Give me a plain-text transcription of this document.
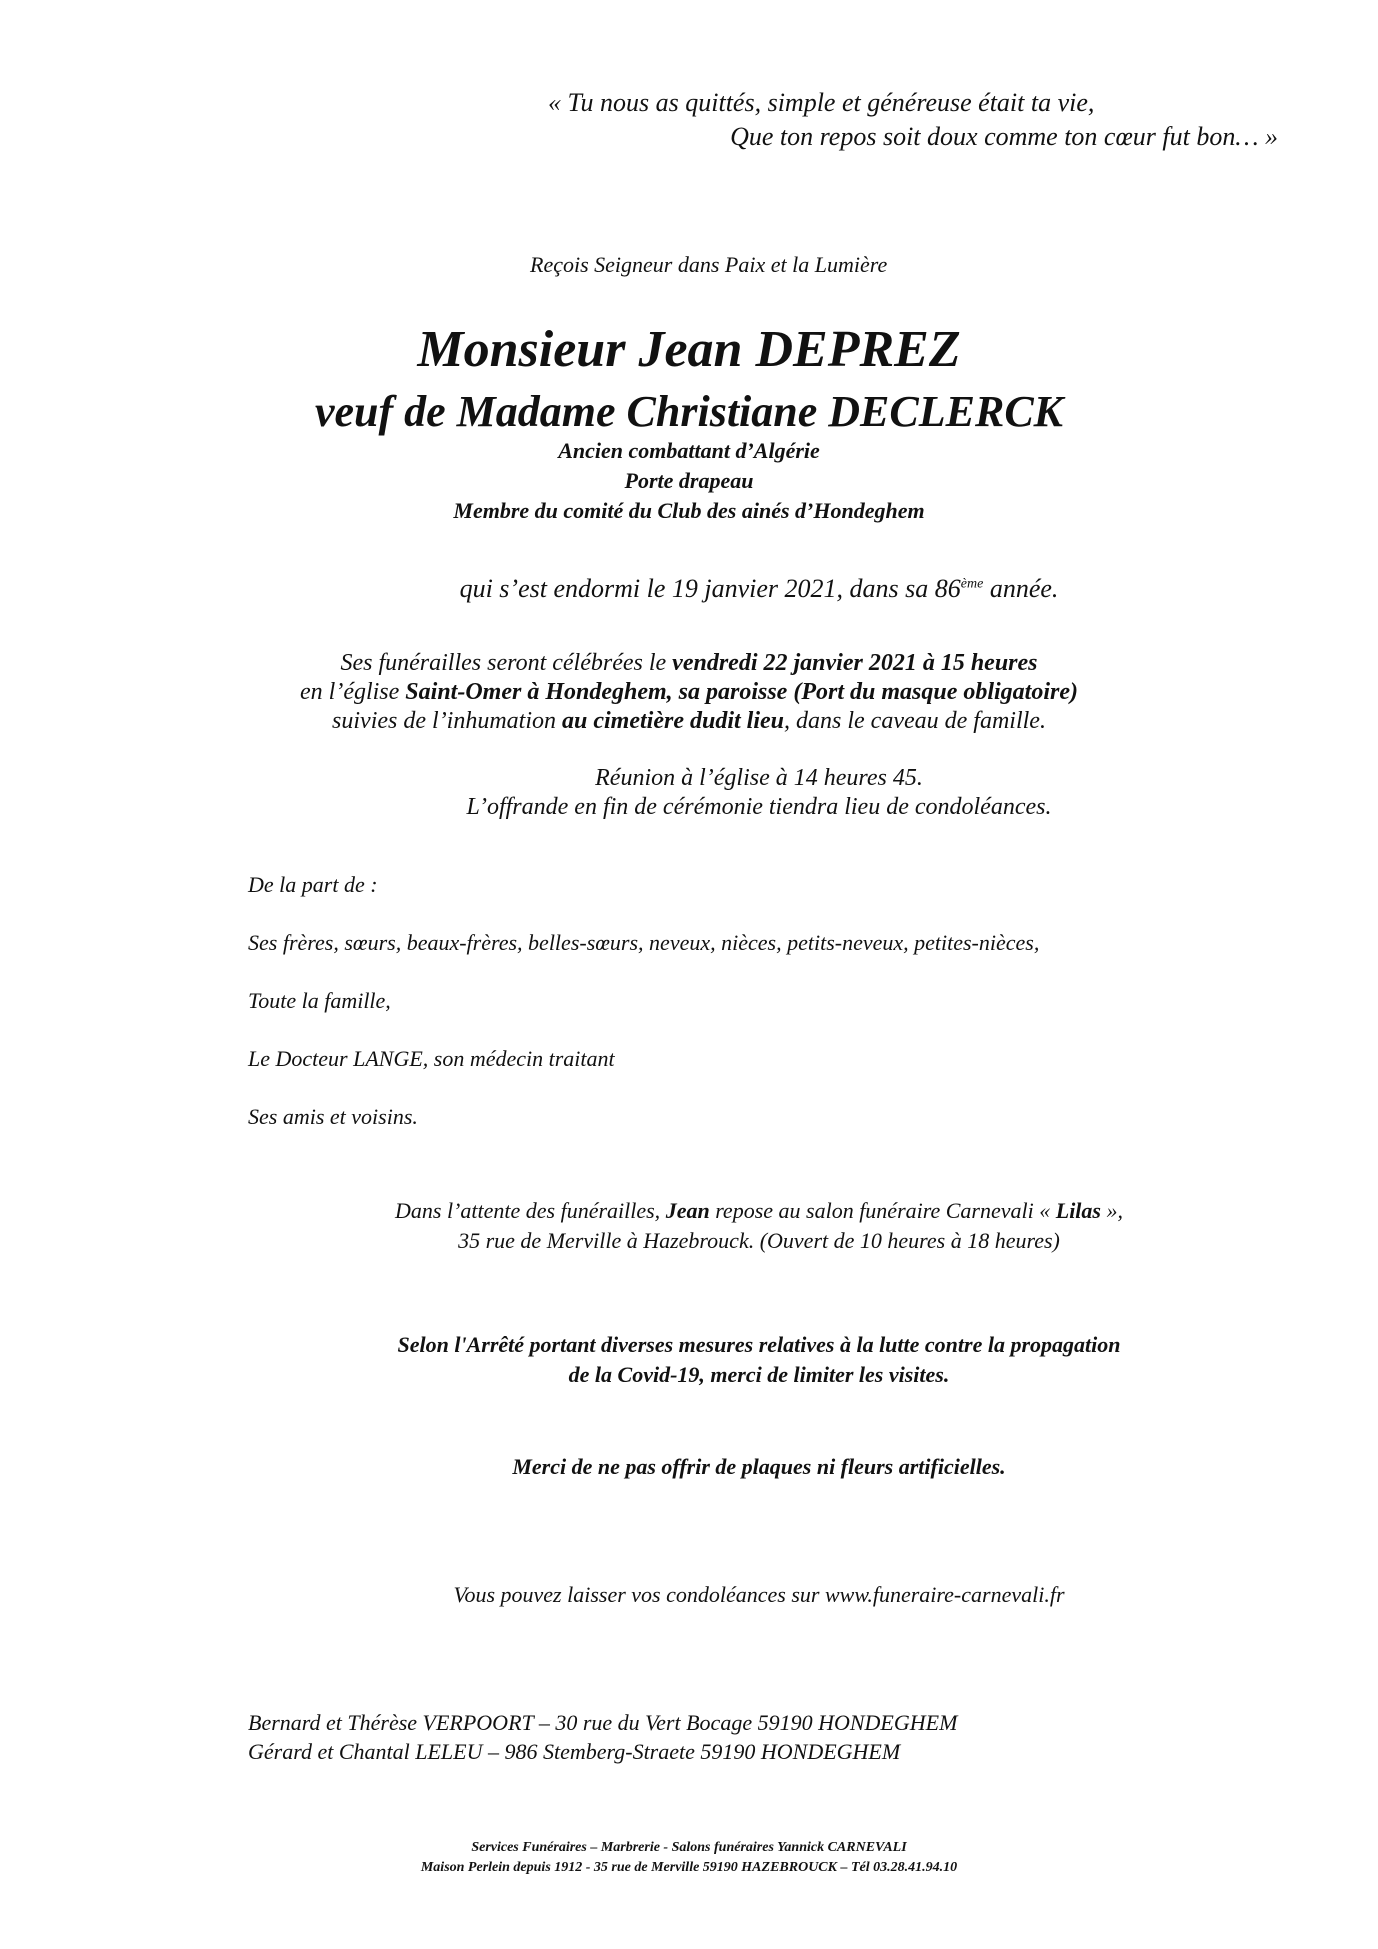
« Tu nous as quittés, simple et généreuse était ta vie,
Que ton repos soit doux comme ton cœur fut bon… »

Reçois Seigneur dans Paix et la Lumière

Monsieur Jean DEPREZ
veuf de Madame Christiane DECLERCK
Ancien combattant d’Algérie
Porte drapeau
Membre du comité du Club des ainés d’Hondeghem

qui s’est endormi le 19 janvier 2021, dans sa 86ème année.

Ses funérailles seront célébrées le vendredi 22 janvier 2021 à 15 heures
en l’église Saint-Omer à Hondeghem, sa paroisse (Port du masque obligatoire)
suivies de l’inhumation au cimetière dudit lieu, dans le caveau de famille.
Réunion à l’église à 14 heures 45.
L’offrande en fin de cérémonie tiendra lieu de condoléances.

De la part de :

Ses frères, sœurs, beaux-frères, belles-sœurs, neveux, nièces, petits-neveux, petites-nièces,

Toute la famille,

Le Docteur LANGE, son médecin traitant

Ses amis et voisins.

Dans l’attente des funérailles, Jean repose au salon funéraire Carnevali « Lilas »,
35 rue de Merville à Hazebrouck. (Ouvert de 10 heures à 18 heures)
Selon l'Arrêté portant diverses mesures relatives à la lutte contre la propagation
de la Covid-19, merci de limiter les visites.

Merci de ne pas offrir de plaques ni fleurs artificielles.

Vous pouvez laisser vos condoléances sur www.funeraire-carnevali.fr

Bernard et Thérèse VERPOORT – 30 rue du Vert Bocage 59190 HONDEGHEM
Gérard et Chantal LELEU – 986 Stemberg-Straete 59190 HONDEGHEM
Services Funéraires – Marbrerie - Salons funéraires Yannick CARNEVALI
Maison Perlein depuis 1912 - 35 rue de Merville 59190 HAZEBROUCK – Tél 03.28.41.94.10
